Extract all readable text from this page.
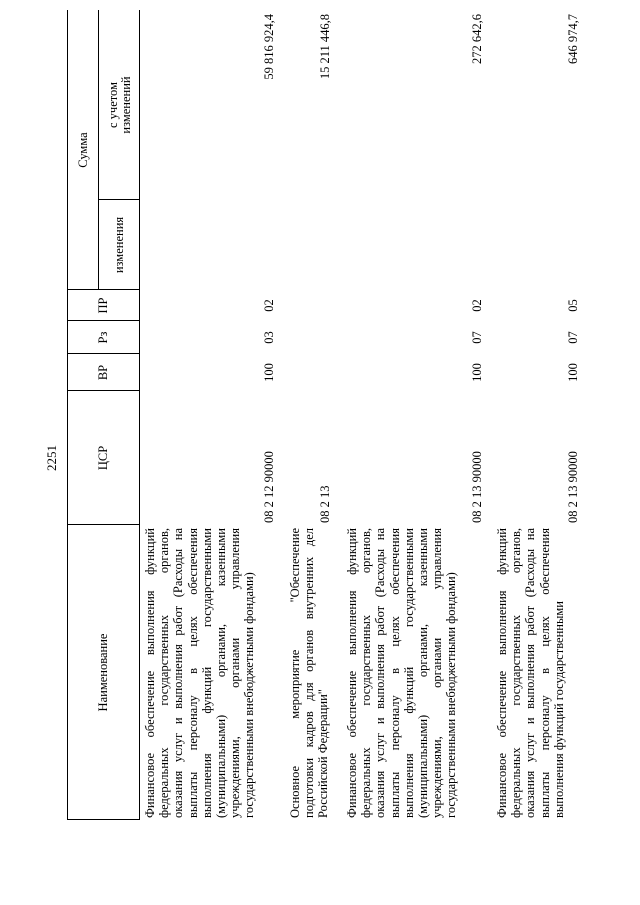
2251
Наименование
ЦСР
ВР
Рз
ПР
Сумма
изменения
с учетом изменений
Финансовое обеспечение выполнения функций федеральных государственных органов, оказания услуг и выполнения работ (Расходы на выплаты персоналу в целях обеспечения выполнения функций государственными (муниципальными) органами, казенными учреждениями, органами управления государственными внебюджетными фондами)
08 2 12 90000
100
03
02
59 816 924,4
Основное мероприятие "Обеспечение подготовки кадров для органов внутренних дел Российской Федерации"
08 2 13
15 211 446,8
Финансовое обеспечение выполнения функций федеральных государственных органов, оказания услуг и выполнения работ (Расходы на выплаты персоналу в целях обеспечения выполнения функций государственными (муниципальными) органами, казенными учреждениями, органами управления государственными внебюджетными фондами)
08 2 13 90000
100
07
02
272 642,6
Финансовое обеспечение выполнения функций федеральных государственных органов, оказания услуг и выполнения работ (Расходы на выплаты персоналу в целях обеспечения выполнения функций государственными
08 2 13 90000
100
07
05
646 974,7
